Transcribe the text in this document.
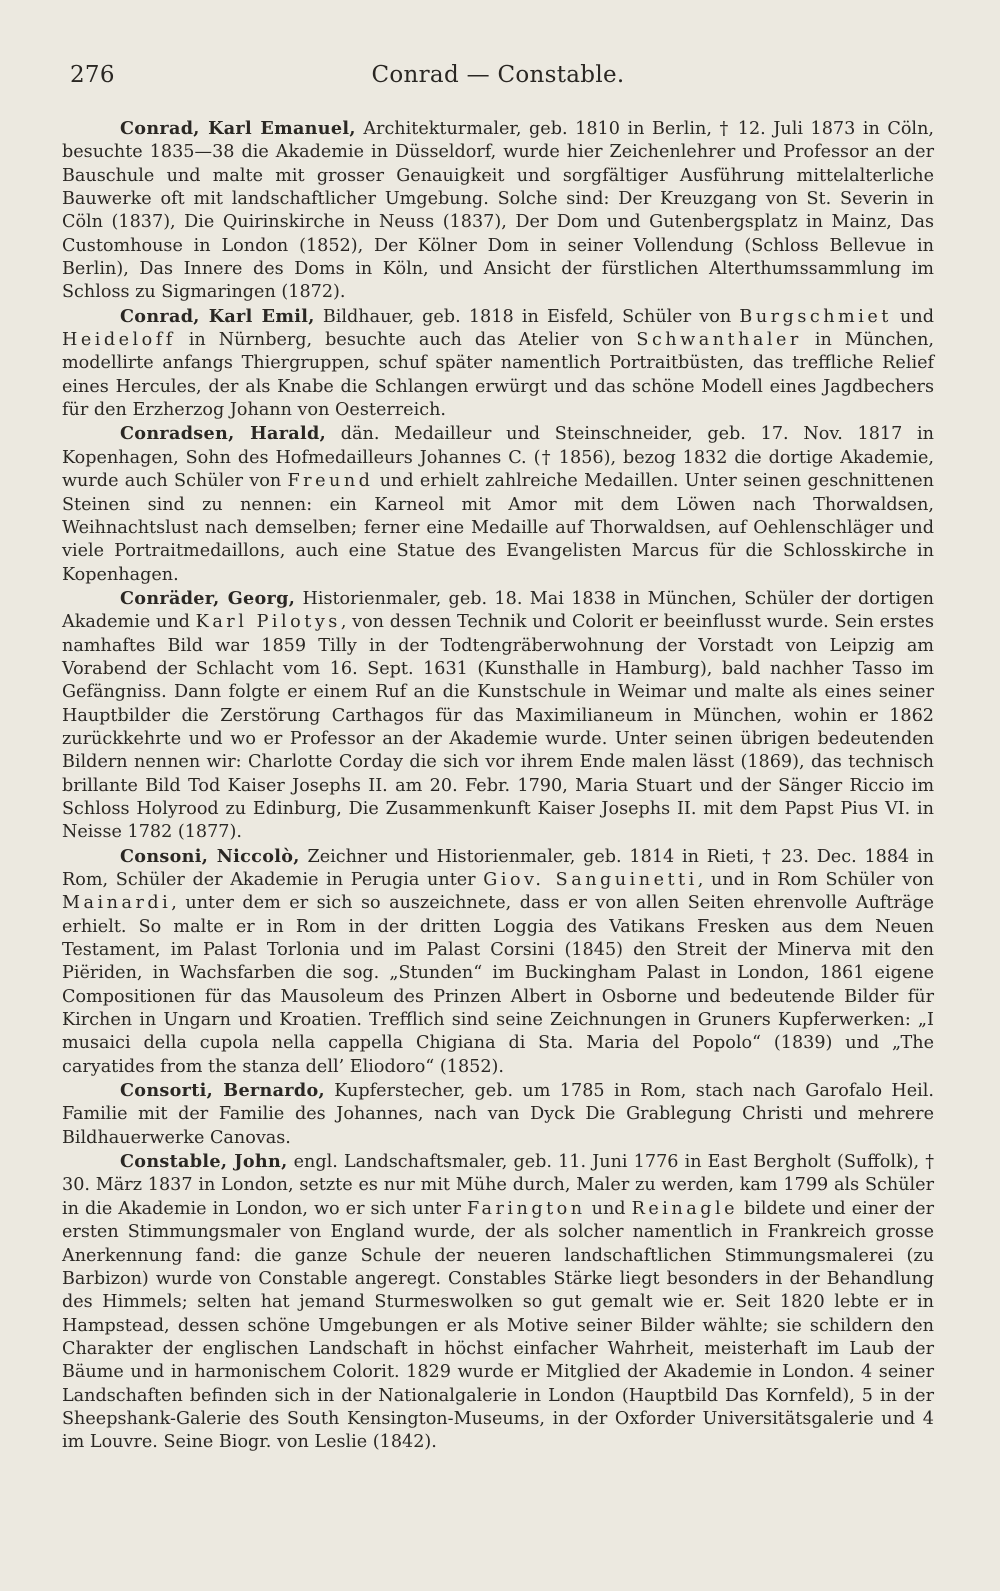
276	Conrad — Constable.

Conrad, Karl Emanuel, Architekturmaler, geb. 1810 in Berlin, † 12. Juli 1873 in Cöln, besuchte 1835—38 die Akademie in Düsseldorf, wurde hier Zeichenlehrer und Professor an der Bauschule und malte mit grosser Genauigkeit und sorgfältiger Ausführung mittelalterliche Bauwerke oft mit landschaftlicher Umgebung. Solche sind: Der Kreuzgang von St. Severin in Cöln (1837), Die Quirinskirche in Neuss (1837), Der Dom und Gutenbergsplatz in Mainz, Das Customhouse in London (1852), Der Kölner Dom in seiner Vollendung (Schloss Bellevue in Berlin), Das Innere des Doms in Köln, und Ansicht der fürstlichen Alterthumssammlung im Schloss zu Sigmaringen (1872).

Conrad, Karl Emil, Bildhauer, geb. 1818 in Eisfeld, Schüler von Burgschmiet und Heideloff in Nürnberg, besuchte auch das Atelier von Schwanthaler in München, modellirte anfangs Thiergruppen, schuf später namentlich Portraitbüsten, das treffliche Relief eines Hercules, der als Knabe die Schlangen erwürgt und das schöne Modell eines Jagdbechers für den Erzherzog Johann von Oesterreich.

Conradsen, Harald, dän. Medailleur und Steinschneider, geb. 17. Nov. 1817 in Kopenhagen, Sohn des Hofmedailleurs Johannes C. († 1856), bezog 1832 die dortige Akademie, wurde auch Schüler von Freund und erhielt zahlreiche Medaillen. Unter seinen geschnittenen Steinen sind zu nennen: ein Karneol mit Amor mit dem Löwen nach Thorwaldsen, Weihnachtslust nach demselben; ferner eine Medaille auf Thorwaldsen, auf Oehlenschläger und viele Portraitmedaillons, auch eine Statue des Evangelisten Marcus für die Schlosskirche in Kopenhagen.

Conräder, Georg, Historienmaler, geb. 18. Mai 1838 in München, Schüler der dortigen Akademie und Karl Pilotys, von dessen Technik und Colorit er beeinflusst wurde. Sein erstes namhaftes Bild war 1859 Tilly in der Todtengräberwohnung der Vorstadt von Leipzig am Vorabend der Schlacht vom 16. Sept. 1631 (Kunsthalle in Hamburg), bald nachher Tasso im Gefängniss. Dann folgte er einem Ruf an die Kunstschule in Weimar und malte als eines seiner Hauptbilder die Zerstörung Carthagos für das Maximilianeum in München, wohin er 1862 zurückkehrte und wo er Professor an der Akademie wurde. Unter seinen übrigen bedeutenden Bildern nennen wir: Charlotte Corday die sich vor ihrem Ende malen lässt (1869), das technisch brillante Bild Tod Kaiser Josephs II. am 20. Febr. 1790, Maria Stuart und der Sänger Riccio im Schloss Holyrood zu Edinburg, Die Zusammenkunft Kaiser Josephs II. mit dem Papst Pius VI. in Neisse 1782 (1877).

Consoni, Niccolò, Zeichner und Historienmaler, geb. 1814 in Rieti, † 23. Dec. 1884 in Rom, Schüler der Akademie in Perugia unter Giov. Sanguinetti, und in Rom Schüler von Mainardi, unter dem er sich so auszeichnete, dass er von allen Seiten ehrenvolle Aufträge erhielt. So malte er in Rom in der dritten Loggia des Vatikans Fresken aus dem Neuen Testament, im Palast Torlonia und im Palast Corsini (1845) den Streit der Minerva mit den Piëriden, in Wachsfarben die sog. „Stunden“ im Buckingham Palast in London, 1861 eigene Compositionen für das Mausoleum des Prinzen Albert in Osborne und bedeutende Bilder für Kirchen in Ungarn und Kroatien. Trefflich sind seine Zeichnungen in Gruners Kupferwerken: „I musaici della cupola nella cappella Chigiana di Sta. Maria del Popolo“ (1839) und „The caryatides from the stanza dell’ Eliodoro“ (1852).

Consorti, Bernardo, Kupferstecher, geb. um 1785 in Rom, stach nach Garofalo Heil. Familie mit der Familie des Johannes, nach van Dyck Die Grablegung Christi und mehrere Bildhauerwerke Canovas.

Constable, John, engl. Landschaftsmaler, geb. 11. Juni 1776 in East Bergholt (Suffolk), † 30. März 1837 in London, setzte es nur mit Mühe durch, Maler zu werden, kam 1799 als Schüler in die Akademie in London, wo er sich unter Farington und Reinagle bildete und einer der ersten Stimmungsmaler von England wurde, der als solcher namentlich in Frankreich grosse Anerkennung fand: die ganze Schule der neueren landschaftlichen Stimmungsmalerei (zu Barbizon) wurde von Constable angeregt. Constables Stärke liegt besonders in der Behandlung des Himmels; selten hat jemand Sturmeswolken so gut gemalt wie er. Seit 1820 lebte er in Hampstead, dessen schöne Umgebungen er als Motive seiner Bilder wählte; sie schildern den Charakter der englischen Landschaft in höchst einfacher Wahrheit, meisterhaft im Laub der Bäume und in harmonischem Colorit. 1829 wurde er Mitglied der Akademie in London. 4 seiner Landschaften befinden sich in der Nationalgalerie in London (Hauptbild Das Kornfeld), 5 in der Sheepshank-Galerie des South Kensington-Museums, in der Oxforder Universitätsgalerie und 4 im Louvre. Seine Biogr. von Leslie (1842).
